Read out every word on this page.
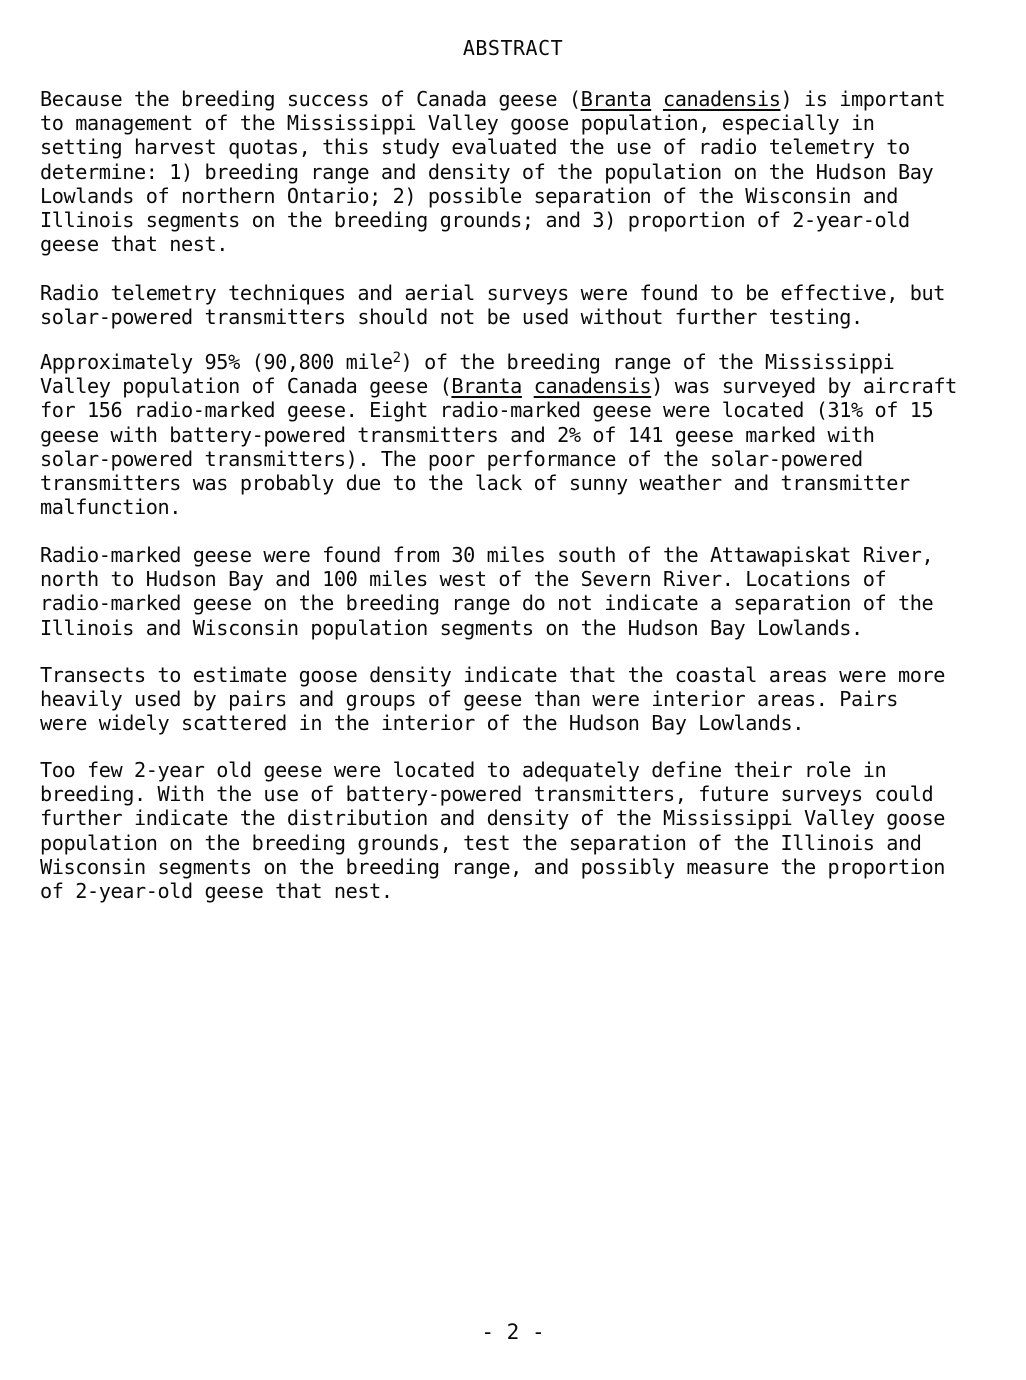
ABSTRACT
Because the breeding success of Canada geese (Branta canadensis) is important
to management of the Mississippi Valley goose population, especially in
setting harvest quotas, this study evaluated the use of radio telemetry to
determine: 1) breeding range and density of the population on the Hudson Bay
Lowlands of northern Ontario; 2) possible separation of the Wisconsin and
Illinois segments on the breeding grounds; and 3) proportion of 2-year-old
geese that nest.
Radio telemetry techniques and aerial surveys were found to be effective, but
solar-powered transmitters should not be used without further testing.
Approximately 95% (90,800 mile$^2$) of the breeding range of the Mississippi
Valley population of Canada geese (Branta canadensis) was surveyed by aircraft
for 156 radio-marked geese. Eight radio-marked geese were located (31% of 15
geese with battery-powered transmitters and 2% of 141 geese marked with
solar-powered transmitters). The poor performance of the solar-powered
transmitters was probably due to the lack of sunny weather and transmitter
malfunction.
Radio-marked geese were found from 30 miles south of the Attawapiskat River,
north to Hudson Bay and 100 miles west of the Severn River. Locations of
radio-marked geese on the breeding range do not indicate a separation of the
Illinois and Wisconsin population segments on the Hudson Bay Lowlands.
Transects to estimate goose density indicate that the coastal areas were more
heavily used by pairs and groups of geese than were interior areas. Pairs
were widely scattered in the interior of the Hudson Bay Lowlands.
Too few 2-year old geese were located to adequately define their role in
breeding. With the use of battery-powered transmitters, future surveys could
further indicate the distribution and density of the Mississippi Valley goose
population on the breeding grounds, test the separation of the Illinois and
Wisconsin segments on the breeding range, and possibly measure the proportion
of 2-year-old geese that nest.
- 2 -
